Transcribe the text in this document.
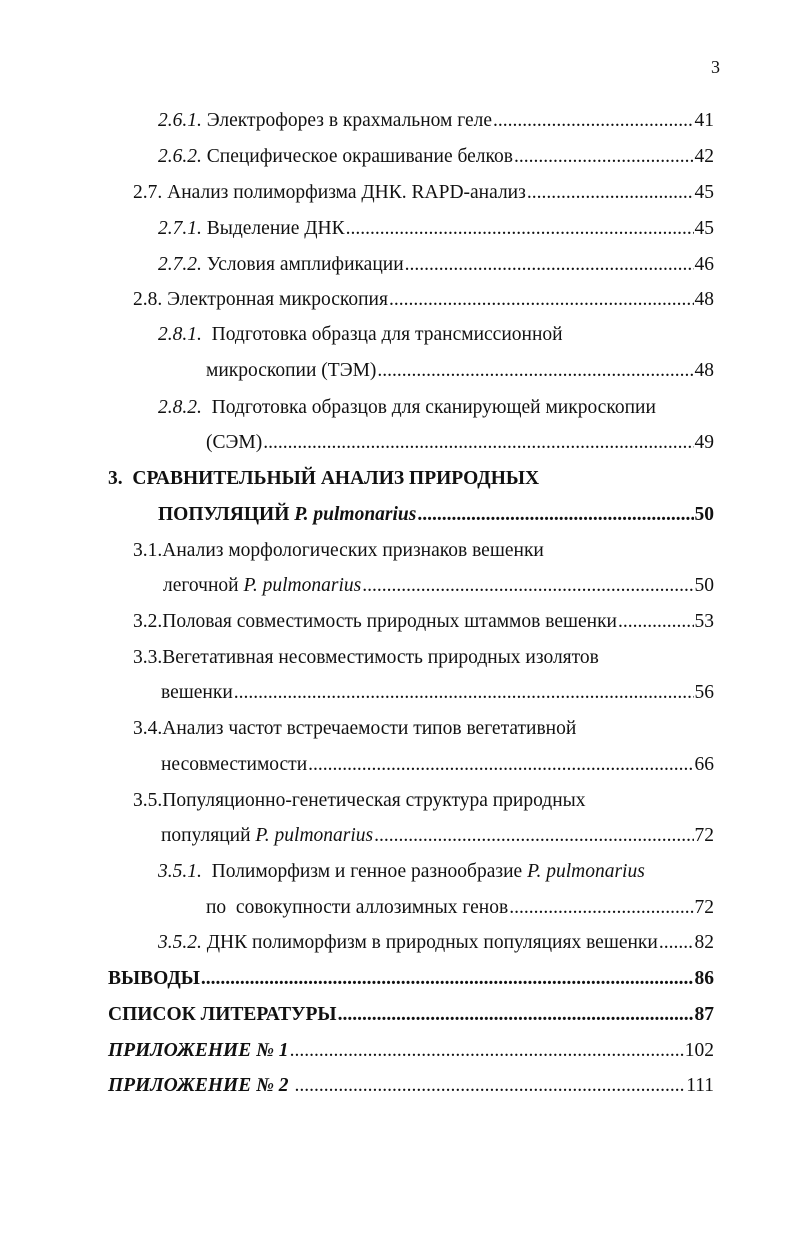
3
2.6.1.
Электрофорез в крахмальном геле .....	41
2.6.2.
Специфическое окрашивание белков .....	42
2.7.
Анализ полиморфизма ДНК. RAPD-анализ .....	45
2.7.1.
Выделение ДНК .....	45
2.7.2.
Условия амплификации .....	46
2.8.
Электронная микроскопия .....	48
2.8.1. Подготовка образца для трансмиссионной
микроскопии (ТЭМ) .....	48
2.8.2. Подготовка образцов для сканирующей микроскопии
(СЭМ) .....	49
3. СРАВНИТЕЛЬНЫЙ АНАЛИЗ ПРИРОДНЫХ
ПОПУЛЯЦИЙ
P. pulmonarius .....	50
3.1.Анализ морфологических признаков вешенки
легочной
P. pulmonarius .....	50
3.2. Половая совместимость природных штаммов вешенки .....	53
3.3.Вегетативная несовместимость природных изолятов
вешенки .....	56
3.4.Анализ частот встречаемости типов вегетативной
несовместимости .....	66
3.5.Популяционно-генетическая структура природных
популяций
P. pulmonarius .....	72
3.5.1. Полиморфизм и генное разнообразие P. pulmonarius
по  совокупности аллозимных генов .....	72
3.5.2.
ДНК полиморфизм в природных популяциях вешенки ..... 82
ВЫВОДЫ .....	86
СПИСОК ЛИТЕРАТУРЫ .....	87
ПРИЛОЖЕНИЕ № 1 .....	102
ПРИЛОЖЕНИЕ № 2
.....	111
